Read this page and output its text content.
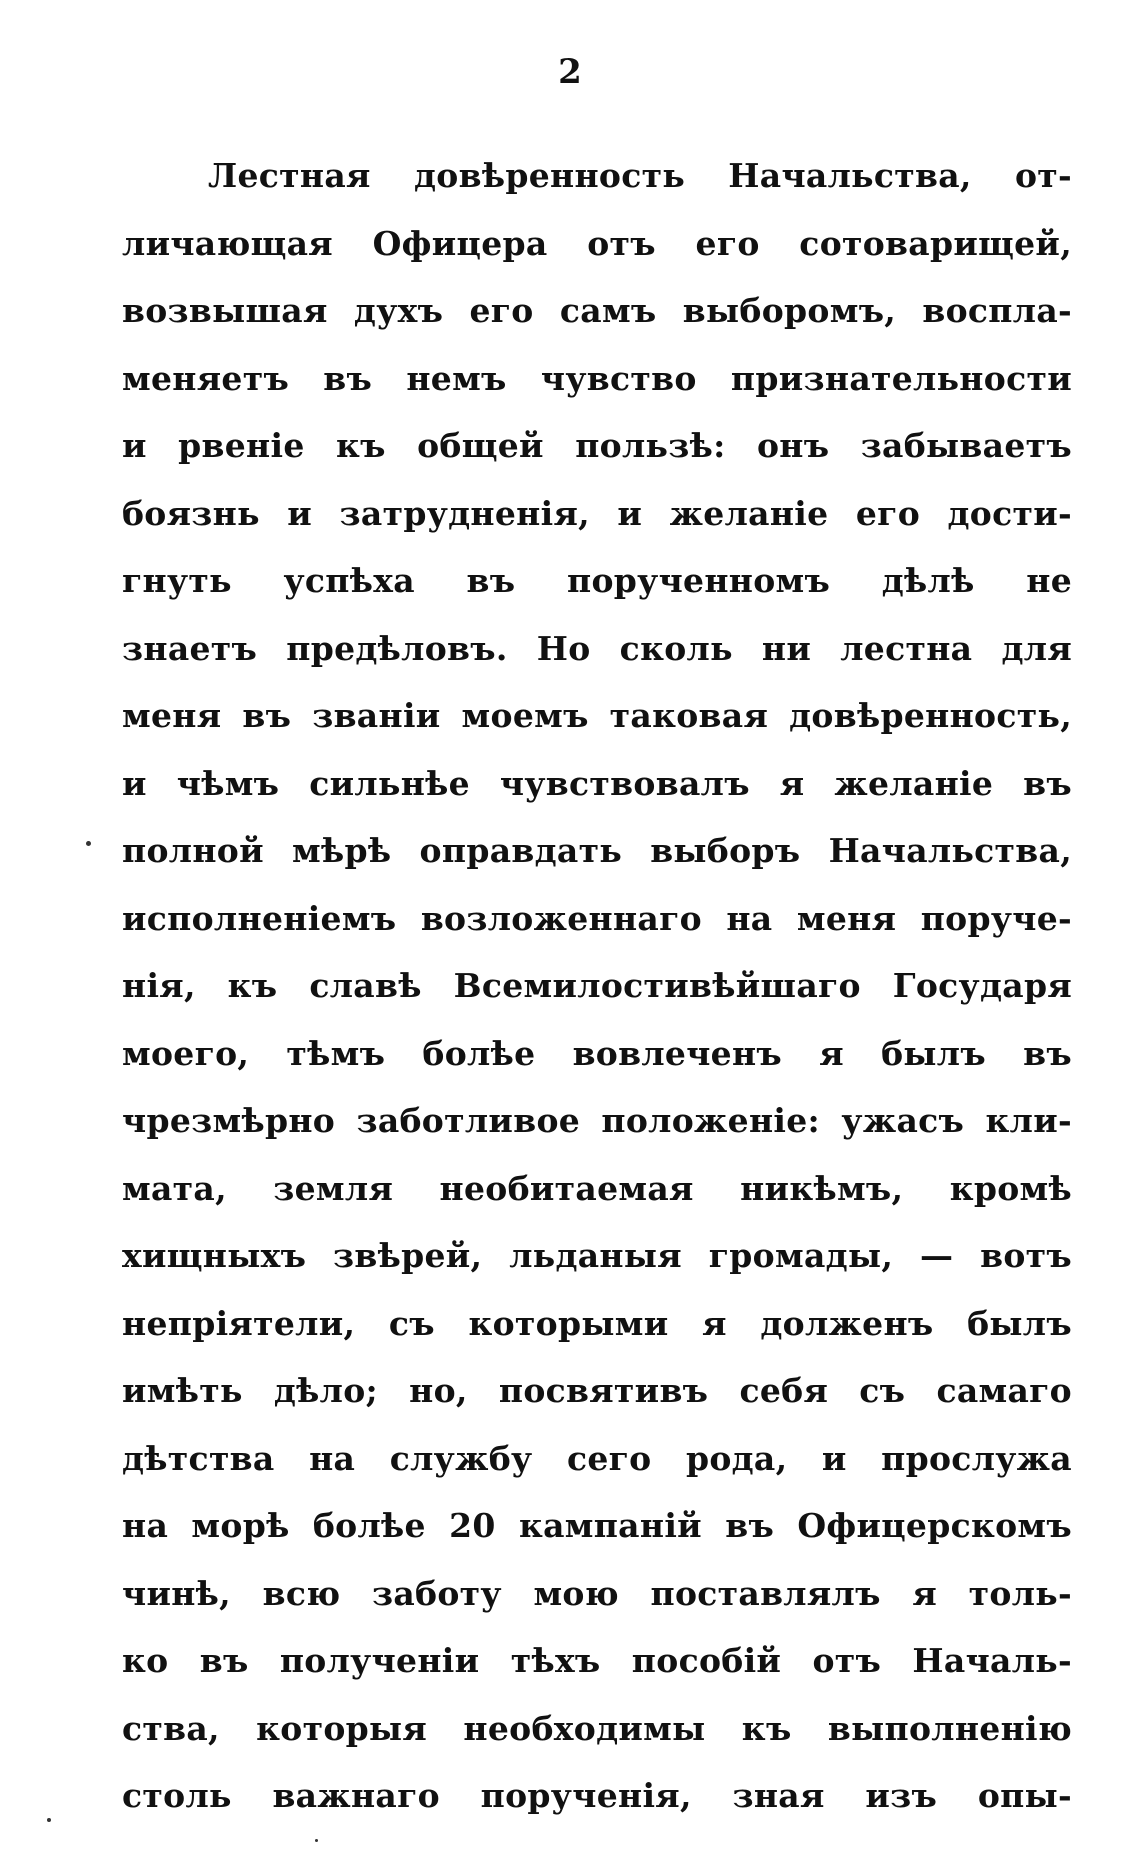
2
Лестная довѣренность Начальства, от-
личающая Офицера отъ его сотоварищей,
возвышая духъ его самъ выборомъ, воспла-
меняетъ въ немъ чувство признательности
и рвеніе къ общей пользѣ: онъ забываетъ
боязнь и затрудненія, и желаніе его дости-
гнуть успѣха въ порученномъ дѣлѣ не
знаетъ предѣловъ. Но сколь ни лестна для
меня въ званіи моемъ таковая довѣренность,
и чѣмъ сильнѣе чувствовалъ я желаніе въ
полной мѣрѣ оправдать выборъ Начальства,
исполненіемъ возложеннаго на меня поруче-
нія, къ славѣ Всемилостивѣйшаго Государя
моего, тѣмъ болѣе вовлеченъ я былъ въ
чрезмѣрно заботливое положеніе: ужасъ кли-
мата, земля необитаемая никѣмъ, кромѣ
хищныхъ звѣрей, льданыя громады, — вотъ
непріятели, съ которыми я долженъ былъ
имѣть дѣло; но, посвятивъ себя съ самаго
дѣтства на службу сего рода, и прослужа
на морѣ болѣе 20 кампаній въ Офицерскомъ
чинѣ, всю заботу мою поставлялъ я толь-
ко въ полученіи тѣхъ пособій отъ Началь-
ства, которыя необходимы къ выполненію
столь важнаго порученія, зная изъ опы-
